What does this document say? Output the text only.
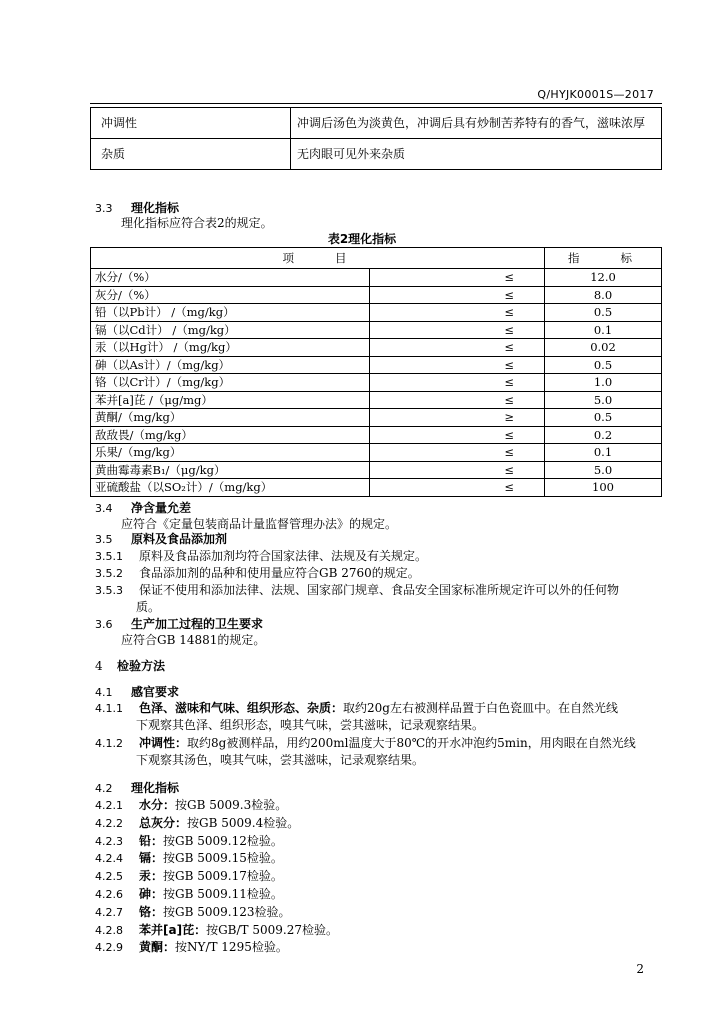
Q/HYJK0001S—2017
冲调性	冲调后汤色为淡黄色，冲调后具有炒制苦荞特有的香气，滋味浓厚
杂质	无肉眼可见外来杂质
3.3 理化指标
理化指标应符合表2的规定。
表2理化指标
项　　目		指　　标
水分/（%）	≤	12.0
灰分/（%）	≤	8.0
铅（以Pb计） /（mg/kg）	≤	0.5
镉（以Cd计） /（mg/kg）	≤	0.1
汞（以Hg计） /（mg/kg）	≤	0.02
砷（以As计）/（mg/kg）	≤	0.5
铬（以Cr计）/（mg/kg）	≤	1.0
苯并[a]芘 /（μg/mg）	≤	5.0
黄酮/（mg/kg）	≥	0.5
敌敌畏/（mg/kg）	≤	0.2
乐果/（mg/kg）	≤	0.1
黄曲霉毒素B₁/（μg/kg）	≤	5.0
亚硫酸盐（以SO₂计）/（mg/kg）	≤	100
3.4 净含量允差
应符合《定量包装商品计量监督管理办法》的规定。
3.5 原料及食品添加剂
3.5.1 原料及食品添加剂均符合国家法律、法规及有关规定。
3.5.2 食品添加剂的品种和使用量应符合GB 2760的规定。
3.5.3 保证不使用和添加法律、法规、国家部门规章、食品安全国家标准所规定许可以外的任何物
质。
3.6 生产加工过程的卫生要求
应符合GB 14881的规定。
4 检验方法
4.1 感官要求
4.1.1 色泽、滋味和气味、组织形态、杂质：取约20g左右被测样品置于白色瓷皿中。在自然光线
下观察其色泽、组织形态，嗅其气味，尝其滋味，记录观察结果。
4.1.2 冲调性：取约8g被测样品，用约200ml温度大于80℃的开水冲泡约5min，用肉眼在自然光线
下观察其汤色，嗅其气味，尝其滋味，记录观察结果。
4.2 理化指标
4.2.1 水分：按GB 5009.3检验。
4.2.2 总灰分：按GB 5009.4检验。
4.2.3 铅：按GB 5009.12检验。
4.2.4 镉：按GB 5009.15检验。
4.2.5 汞：按GB 5009.17检验。
4.2.6 砷：按GB 5009.11检验。
4.2.7 铬：按GB 5009.123检验。
4.2.8 苯并[a]芘：按GB/T 5009.27检验。
4.2.9 黄酮：按NY/T 1295检验。
2
